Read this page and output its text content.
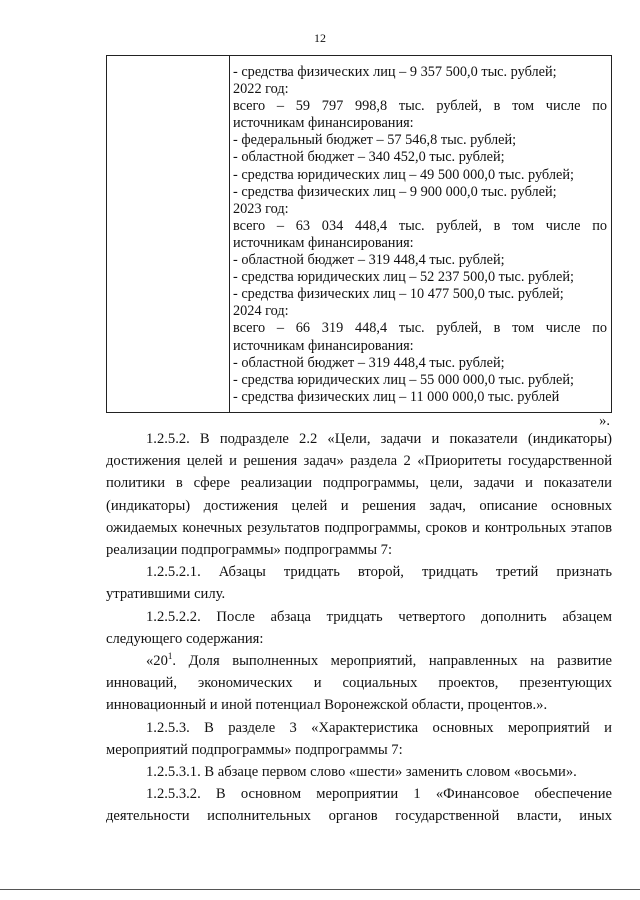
12
- средства физических лиц – 9 357 500,0 тыс. рублей;
2022 год:
всего – 59 797 998,8 тыс. рублей, в том числе по
источникам финансирования:
- федеральный бюджет – 57 546,8 тыс. рублей;
- областной бюджет – 340 452,0 тыс. рублей;
- средства юридических лиц – 49 500 000,0 тыс. рублей;
- средства физических лиц – 9 900 000,0 тыс. рублей;
2023 год:
всего – 63 034 448,4 тыс. рублей, в том числе по
источникам финансирования:
- областной бюджет – 319 448,4 тыс. рублей;
- средства юридических лиц – 52 237 500,0 тыс. рублей;
- средства физических лиц – 10 477 500,0 тыс. рублей;
2024 год:
всего – 66 319 448,4 тыс. рублей, в том числе по
источникам финансирования:
- областной бюджет – 319 448,4 тыс. рублей;
- средства юридических лиц – 55 000 000,0 тыс. рублей;
- средства физических лиц – 11 000 000,0 тыс. рублей
».

1.2.5.2. В подразделе 2.2 «Цели, задачи и показатели (индикаторы) достижения целей и решения задач» раздела 2 «Приоритеты государственной политики в сфере реализации подпрограммы, цели, задачи и показатели (индикаторы) достижения целей и решения задач, описание основных ожидаемых конечных результатов подпрограммы, сроков и контрольных этапов реализации подпрограммы» подпрограммы 7:

1.2.5.2.1. Абзацы тридцать второй, тридцать третий признать утратившими силу.

1.2.5.2.2. После абзаца тридцать четвертого дополнить абзацем следующего содержания:

«$20^1$. Доля выполненных мероприятий, направленных на развитие инноваций, экономических и социальных проектов, презентующих инновационный и иной потенциал Воронежской области, процентов.».

1.2.5.3. В разделе 3 «Характеристика основных мероприятий и мероприятий подпрограммы» подпрограммы 7:

1.2.5.3.1. В абзаце первом слово «шести» заменить словом «восьми».

1.2.5.3.2. В основном мероприятии 1 «Финансовое обеспечение деятельности исполнительных органов государственной власти, иных
